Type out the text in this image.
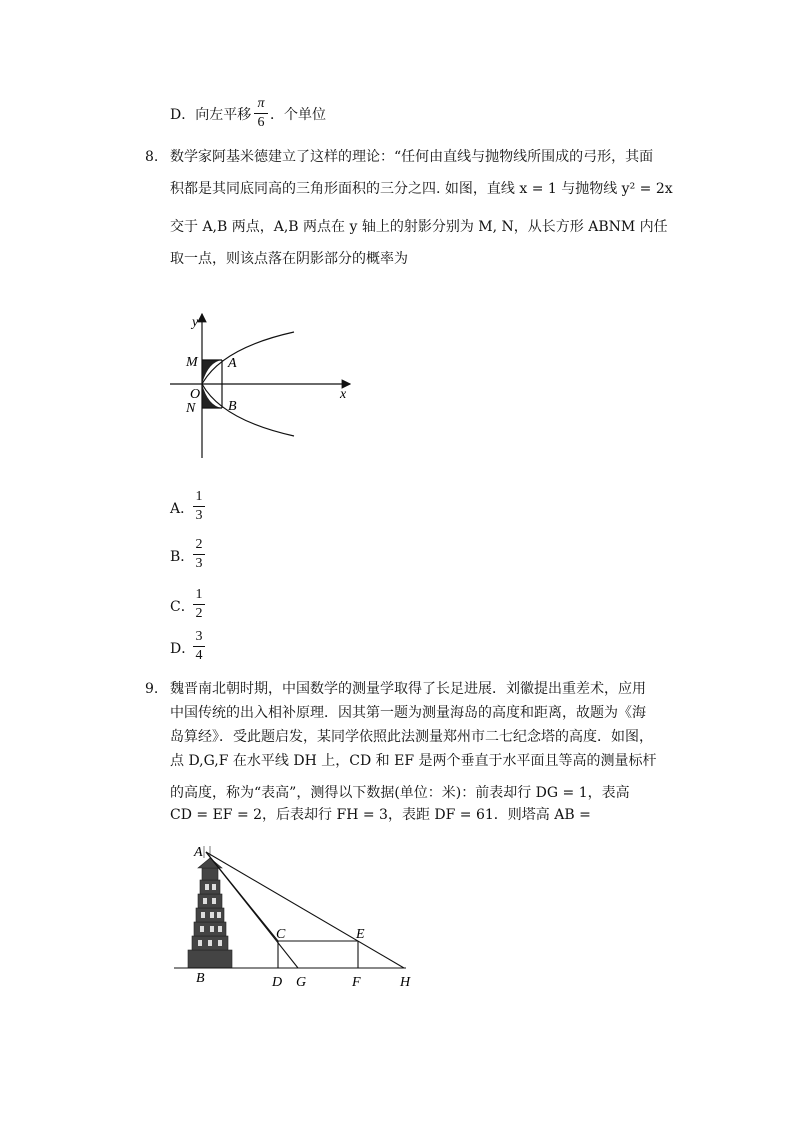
D．向左平移
π
6 ．个单位
8. 数学家阿基米德建立了这样的理论：“任何由直线与抛物线所围成的弓形，其面
积都是其同底同高的三角形面积的三分之四. 如图，直线 x = 1 与抛物线 y² = 2x
交于 A,B 两点，A,B 两点在 y 轴上的射影分别为 M, N，从长方形 ABNM 内任
取一点，则该点落在阴影部分的概率为
y
x
M A
O
N B
A．
1
3
B．
2
3
C．
1
2
D．
3
4
9. 魏晋南北朝时期，中国数学的测量学取得了长足进展．刘徽提出重差术，应用
中国传统的出入相补原理．因其第一题为测量海岛的高度和距离，故题为《海
岛算经》．受此题启发，某同学依照此法测量郑州市二七纪念塔的高度．如图，
点 D,G,F 在水平线 DH 上，CD 和 EF 是两个垂直于水平面且等高的测量标杆
的高度，称为“表高”，测得以下数据(单位：米)：前表却行 DG = 1，表高
CD = EF = 2，后表却行 FH = 3，表距 DF = 61．则塔高 AB =
A
C	E
B	D G	F	H
